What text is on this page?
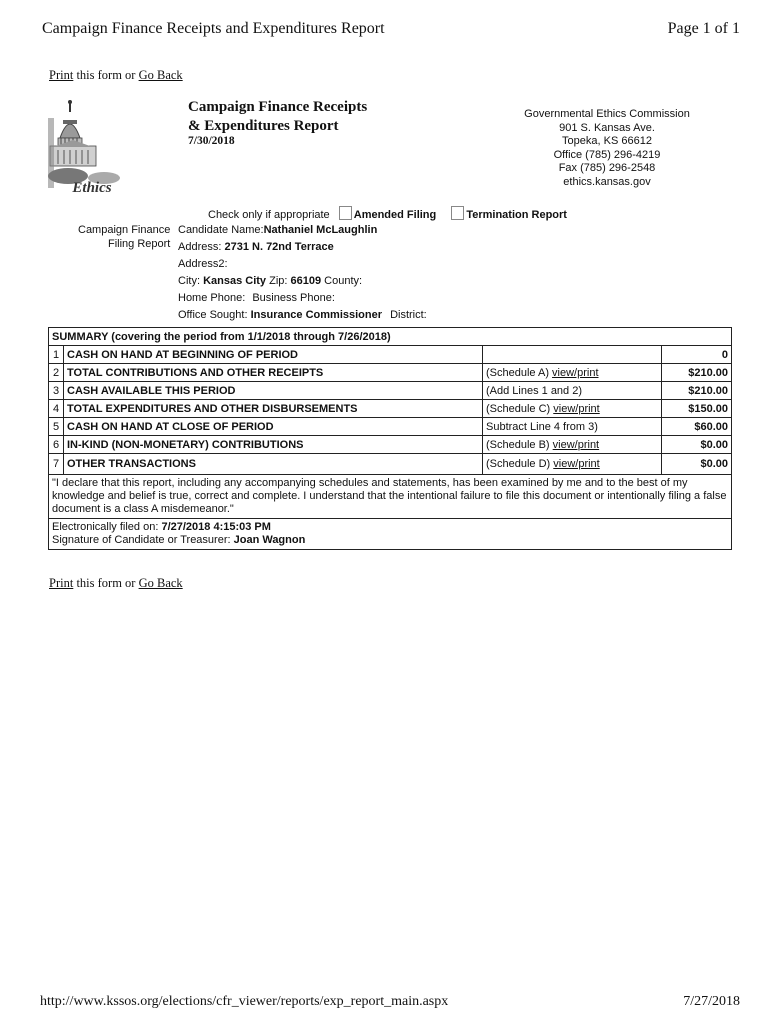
Campaign Finance Receipts and Expenditures Report	Page 1 of 1
Print this form or Go Back
Ethics
Campaign Finance Receipts
& Expenditures Report
7/30/2018
Governmental Ethics Commission
901 S. Kansas Ave.
Topeka, KS 66612
Office (785) 296-4219
Fax (785) 296-2548
ethics.kansas.gov
Check only if appropriate Amended Filing	Termination Report
Campaign Finance
Filing Report
Candidate Name:Nathaniel McLaughlin
Address: 2731 N. 72nd Terrace
Address2:
City: Kansas City Zip: 66109 County:
Home Phone: Business Phone:
Office Sought: Insurance Commissioner District:
SUMMARY (covering the period from 1/1/2018 through 7/26/2018)			
1	CASH ON HAND AT BEGINNING OF PERIOD		0
2	TOTAL CONTRIBUTIONS AND OTHER RECEIPTS	(Schedule A) view/print	$210.00
3	CASH AVAILABLE THIS PERIOD	(Add Lines 1 and 2)	$210.00
4	TOTAL EXPENDITURES AND OTHER DISBURSEMENTS	(Schedule C) view/print	$150.00
5	CASH ON HAND AT CLOSE OF PERIOD	Subtract Line 4 from 3)	$60.00
6	IN-KIND (NON-MONETARY) CONTRIBUTIONS	(Schedule B) view/print	$0.00
7	OTHER TRANSACTIONS	(Schedule D) view/print	$0.00
"I declare that this report, including any accompanying schedules and statements, has been examined by me and to the best of my knowledge and belief is true, correct and complete. I understand that the intentional failure to file this document or intentionally filing a false document is a class A misdemeanor."			

Electronically filed on: 7/27/2018 4:15:03 PM
Signature of Candidate or Treasurer: Joan Wagnon			
Print this form or Go Back
http://www.kssos.org/elections/cfr_viewer/reports/exp_report_main.aspx	7/27/2018
